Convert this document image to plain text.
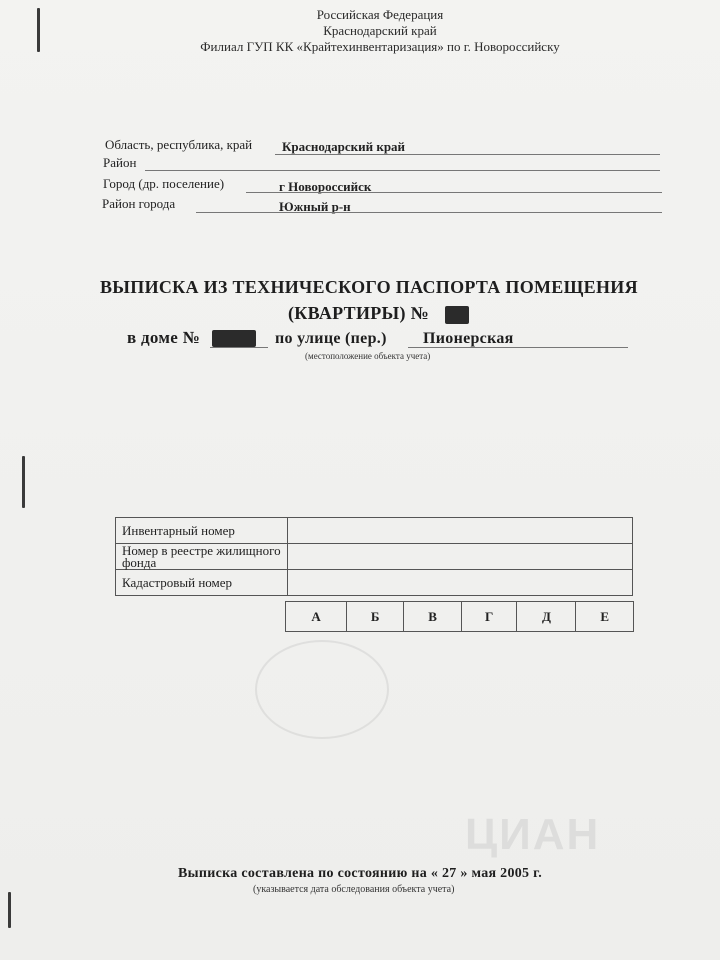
Российская Федерация
Краснодарский край
Филиал ГУП КК «Крайтехинвентаризация» по г. Новороссийску
Область, республика, край Краснодарский край
Район
Город (др. поселение)	г Новороссийск
Район города	Южный р-н
ВЫПИСКА ИЗ ТЕХНИЧЕСКОГО ПАСПОРТА ПОМЕЩЕНИЯ
(КВАРТИРЫ) №
в доме №	по улице (пер.) Пионерская
(местоположение объекта учета)
Инвентарный номер	
Номер в реестре жилищного фонда	
Кадастровый номер	
А	Б	В	Г	Д	Е
ЦИАН
Выписка составлена по состоянию на « 27 » мая 2005 г.
(указывается дата обследования объекта учета)
